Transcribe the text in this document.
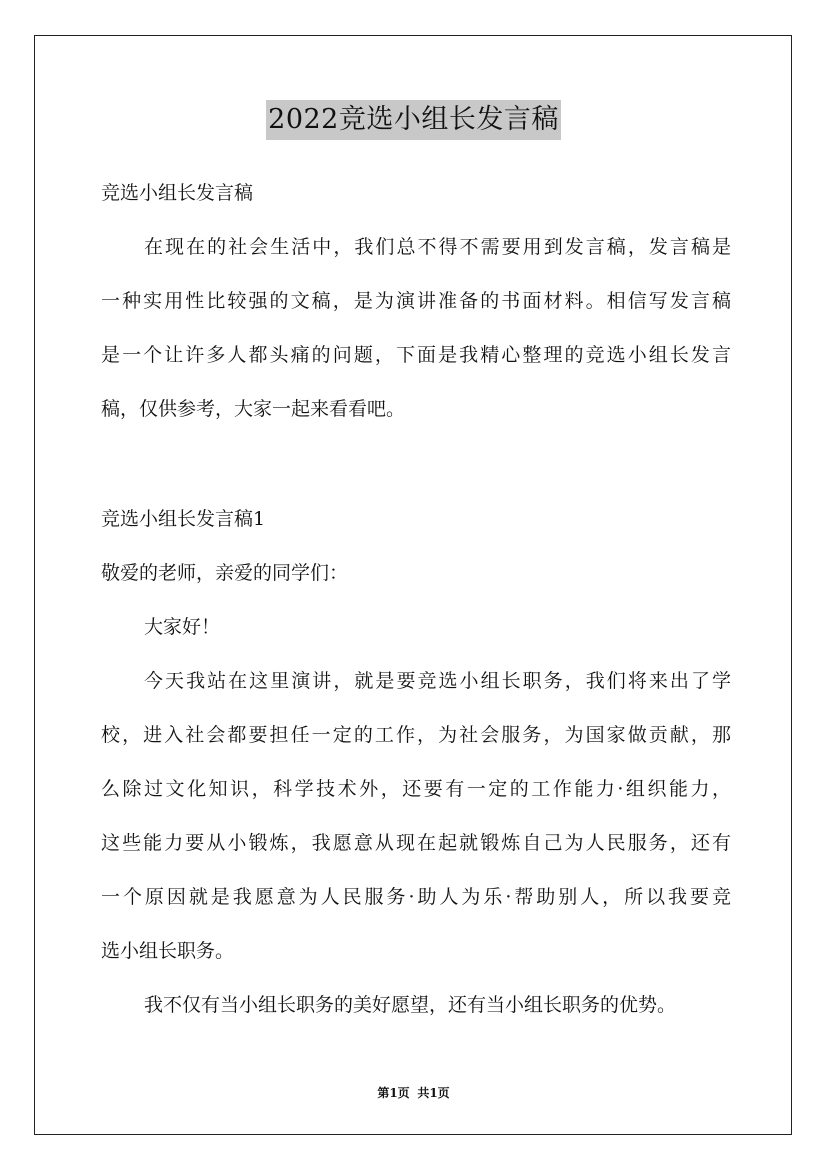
2022竞选小组长发言稿
竞选小组长发言稿
在现在的社会生活中，我们总不得不需要用到发言稿，发言稿是
一种实用性比较强的文稿，是为演讲准备的书面材料。相信写发言稿
是一个让许多人都头痛的问题，下面是我精心整理的竞选小组长发言
稿，仅供参考，大家一起来看看吧。
竞选小组长发言稿1
敬爱的老师，亲爱的同学们：
大家好！
今天我站在这里演讲，就是要竞选小组长职务，我们将来出了学
校，进入社会都要担任一定的工作，为社会服务，为国家做贡献，那
么除过文化知识，科学技术外，还要有一定的工作能力·组织能力，
这些能力要从小锻炼，我愿意从现在起就锻炼自己为人民服务，还有
一个原因就是我愿意为人民服务·助人为乐·帮助别人，所以我要竞
选小组长职务。
我不仅有当小组长职务的美好愿望，还有当小组长职务的优势。
第1页 共1页
